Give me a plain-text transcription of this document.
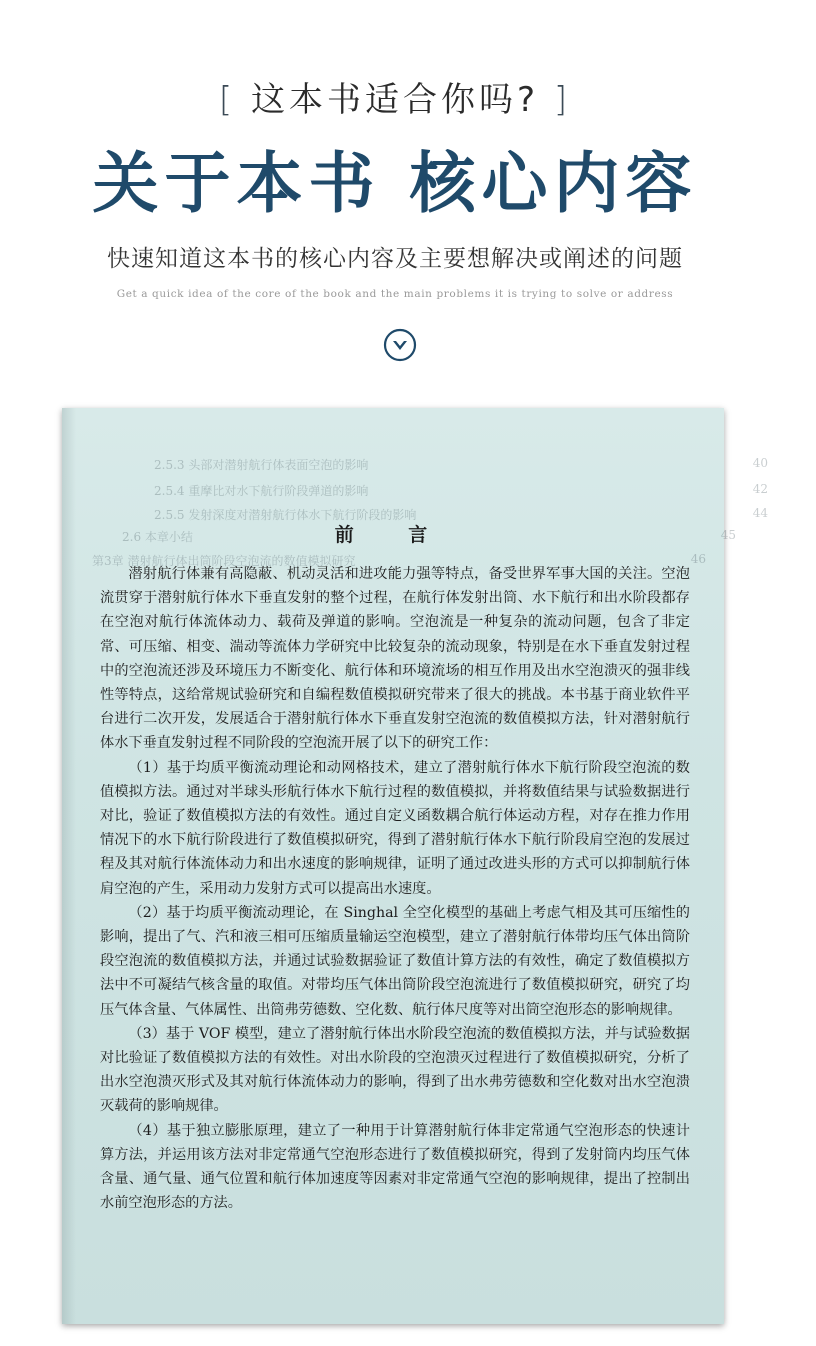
[ 这本书适合你吗? ]
关于本书 核心内容
快速知道这本书的核心内容及主要想解决或阐述的问题
Get a quick idea of the core of the book and the main problems it is trying to solve or address
2.5.3 头部对潜射航行体表面空泡的影响	40
2.5.4 重摩比对水下航行阶段弹道的影响	42
2.5.5 发射深度对潜射航行体水下航行阶段的影响	44
2.6 本章小结	45
第3章 潜射航行体出筒阶段空泡流的数值模拟研究	46
前 言

潜射航行体兼有高隐蔽、机动灵活和进攻能力强等特点，备受世界军事大国的关注。空泡流贯穿于潜射航行体水下垂直发射的整个过程，在航行体发射出筒、水下航行和出水阶段都存在空泡对航行体流体动力、载荷及弹道的影响。空泡流是一种复杂的流动问题，包含了非定常、可压缩、相变、湍动等流体力学研究中比较复杂的流动现象，特别是在水下垂直发射过程中的空泡流还涉及环境压力不断变化、航行体和环境流场的相互作用及出水空泡溃灭的强非线性等特点，这给常规试验研究和自编程数值模拟研究带来了很大的挑战。本书基于商业软件平台进行二次开发，发展适合于潜射航行体水下垂直发射空泡流的数值模拟方法，针对潜射航行体水下垂直发射过程不同阶段的空泡流开展了以下的研究工作：

（1）基于均质平衡流动理论和动网格技术，建立了潜射航行体水下航行阶段空泡流的数值模拟方法。通过对半球头形航行体水下航行过程的数值模拟，并将数值结果与试验数据进行对比，验证了数值模拟方法的有效性。通过自定义函数耦合航行体运动方程，对存在推力作用情况下的水下航行阶段进行了数值模拟研究，得到了潜射航行体水下航行阶段肩空泡的发展过程及其对航行体流体动力和出水速度的影响规律，证明了通过改进头形的方式可以抑制航行体肩空泡的产生，采用动力发射方式可以提高出水速度。

（2）基于均质平衡流动理论，在 Singhal 全空化模型的基础上考虑气相及其可压缩性的影响，提出了气、汽和液三相可压缩质量输运空泡模型，建立了潜射航行体带均压气体出筒阶段空泡流的数值模拟方法，并通过试验数据验证了数值计算方法的有效性，确定了数值模拟方法中不可凝结气核含量的取值。对带均压气体出筒阶段空泡流进行了数值模拟研究，研究了均压气体含量、气体属性、出筒弗劳德数、空化数、航行体尺度等对出筒空泡形态的影响规律。

（3）基于 VOF 模型，建立了潜射航行体出水阶段空泡流的数值模拟方法，并与试验数据对比验证了数值模拟方法的有效性。对出水阶段的空泡溃灭过程进行了数值模拟研究，分析了出水空泡溃灭形式及其对航行体流体动力的影响，得到了出水弗劳德数和空化数对出水空泡溃灭载荷的影响规律。

（4）基于独立膨胀原理，建立了一种用于计算潜射航行体非定常通气空泡形态的快速计算方法，并运用该方法对非定常通气空泡形态进行了数值模拟研究，得到了发射筒内均压气体含量、通气量、通气位置和航行体加速度等因素对非定常通气空泡的影响规律，提出了控制出水前空泡形态的方法。
